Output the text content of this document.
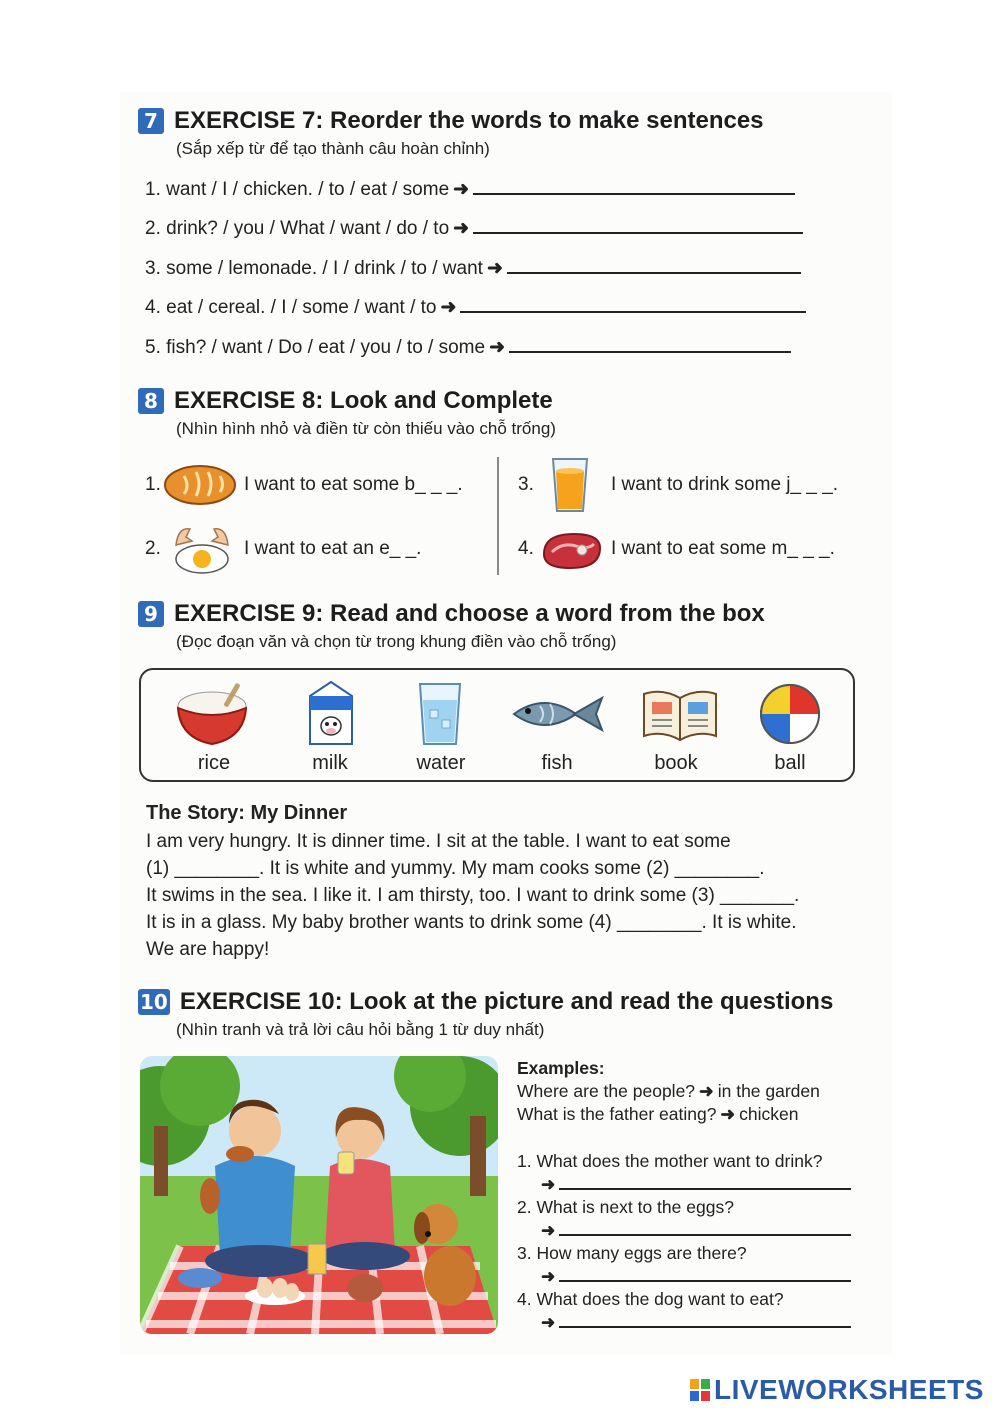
7 EXERCISE 7: Reorder the words to make sentences
(Sắp xếp từ để tạo thành câu hoàn chỉnh)
1. want / I / chicken. / to / eat / some ➜
2. drink? / you / What / want / do / to ➜
3. some / lemonade. / I / drink / to / want ➜
4. eat / cereal. / I / some / want / to ➜
5. fish? / want / Do / eat / you / to / some ➜
8 EXERCISE 8: Look and Complete
(Nhìn hình nhỏ và điền từ còn thiếu vào chỗ trống)
1.	I want to eat some b_ _ _.
2.	I want to eat an e_ _.
3.	I want to drink some j_ _ _.
4.	I want to eat some m_ _ _.
9 EXERCISE 9: Read and choose a word from the box
(Đọc đoạn văn và chọn từ trong khung điền vào chỗ trống)
rice	milk	water	fish	book	ball
The Story: My Dinner
I am very hungry. It is dinner time. I sit at the table. I want to eat some
(1) ________. It is white and yummy. My mam cooks some (2) ________.
It swims in the sea. I like it. I am thirsty, too. I want to drink some (3) _______.
It is in a glass. My baby brother wants to drink some (4) ________. It is white.
We are happy!
10 EXERCISE 10: Look at the picture and read the questions
(Nhìn tranh và trả lời câu hỏi bằng 1 từ duy nhất)
Examples:
Where are the people? ➜ in the garden
What is the father eating? ➜ chicken
1. What does the mother want to drink?
➜
2. What is next to the eggs?
➜
3. How many eggs are there?
➜
4. What does the dog want to eat?
➜
LIVEWORKSHEETS
